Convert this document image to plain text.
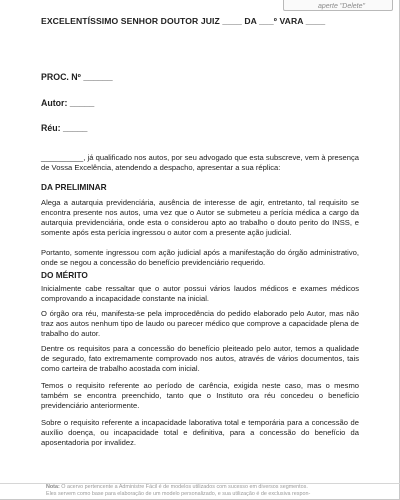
aperte "Delete"
EXCELENTÍSSIMO SENHOR DOUTOR JUIZ ____ DA ___º VARA ____
PROC. Nº ______
Autor: _____
Réu: _____

__________, já qualificado nos autos, por seu advogado que esta subscreve, vem à presença de Vossa Excelência, atendendo a despacho, apresentar a sua réplica:

DA PRELIMINAR

Alega a autarquia previdenciária, ausência de interesse de agir, entretanto, tal requisito se encontra presente nos autos, uma vez que o Autor se submeteu a perícia médica a cargo da autarquia previdenciária, onde esta o considerou apto ao trabalho o douto perito do INSS, e somente após esta perícia ingressou o autor com a presente ação judicial.

Portanto, somente ingressou com ação judicial após a manifestação do órgão administrativo, onde se negou a concessão do benefício previdenciário requerido.

DO MÉRITO

Inicialmente cabe ressaltar que o autor possui vários laudos médicos e exames médicos comprovando a incapacidade constante na inicial.

O órgão ora réu, manifesta-se pela improcedência do pedido elaborado pelo Autor, mas não traz aos autos nenhum tipo de laudo ou parecer médico que comprove a capacidade plena de trabalho do autor.

Dentre os requisitos para a concessão do benefício pleiteado pelo autor, temos a qualidade de segurado, fato extremamente comprovado nos autos, através de vários documentos, tais como carteira de trabalho acostada com inicial.

Temos o requisito referente ao período de carência, exigida neste caso, mas o mesmo também se encontra preenchido, tanto que o Instituto ora réu concedeu o benefício previdenciário anteriormente.

Sobre o requisito referente a incapacidade laborativa total e temporária para a concessão de auxílio doença, ou incapacidade total e definitiva, para a concessão do benefício da aposentadoria por invalidez.

Nota: O acervo pertencente a Administre Fácil é de modelos utilizados com sucesso em diversos segmentos.
Eles servem como base para elaboração de um modelo personalizado, e sua utilização é de exclusiva respon-
